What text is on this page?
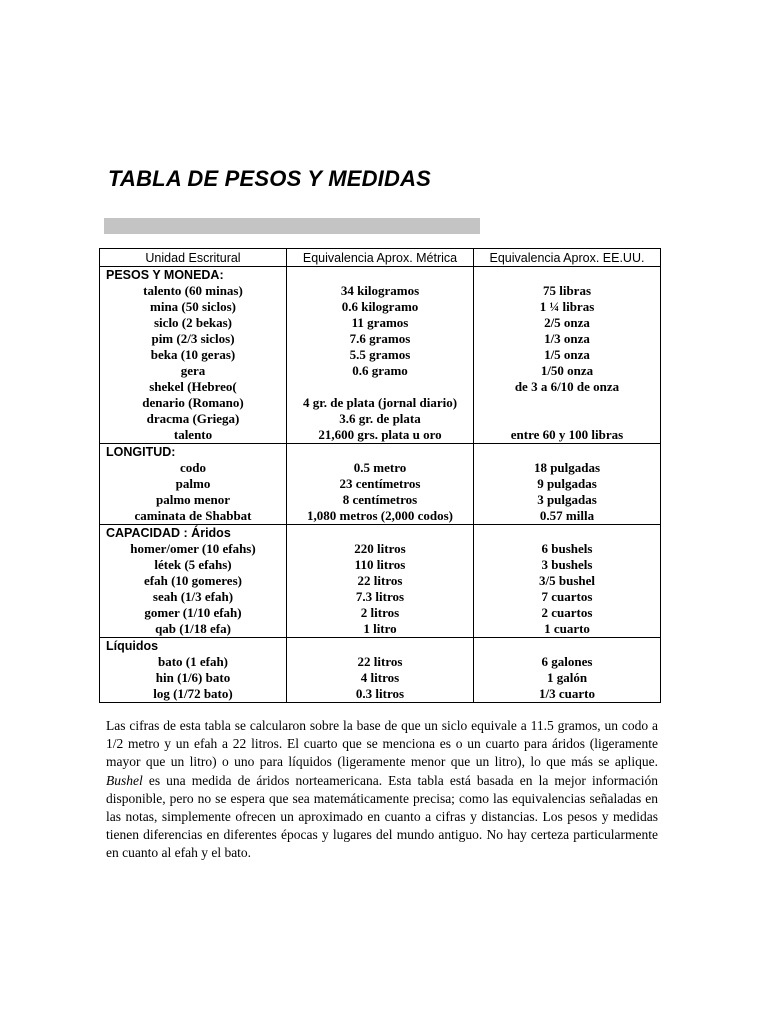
TABLA DE PESOS Y MEDIDAS
Unidad Escritural	Equivalencia Aprox. Métrica	Equivalencia Aprox. EE.UU.
PESOS Y MONEDA:		
talento (60 minas)	34 kilogramos	75 libras
mina (50 siclos)	0.6 kilogramo	1 ¼ libras
siclo (2 bekas)	11 gramos	2/5 onza
pim (2/3 siclos)	7.6 gramos	1/3 onza
beka (10 geras)	5.5 gramos	1/5 onza
gera	0.6 gramo	1/50 onza
shekel (Hebreo(		de 3 a 6/10 de onza
denario (Romano)	4 gr. de plata (jornal diario)	
dracma (Griega)	3.6 gr. de plata	
talento	21,600 grs. plata u oro	entre 60 y 100 libras
LONGITUD:		
codo	0.5 metro	18 pulgadas
palmo	23 centímetros	9 pulgadas
palmo menor	8 centímetros	3 pulgadas
caminata de Shabbat	1,080 metros (2,000 codos)	0.57 milla
CAPACIDAD : Áridos		
homer/omer (10 efahs)	220 litros	6 bushels
létek (5 efahs)	110 litros	3 bushels
efah (10 gomeres)	22 litros	3/5 bushel
seah (1/3 efah)	7.3 litros	7 cuartos
gomer (1/10 efah)	2 litros	2 cuartos
qab (1/18 efa)	1 litro	1 cuarto
Líquidos		
bato (1 efah)	22 litros	6 galones
hin (1/6) bato	4 litros	1 galón
log (1/72 bato)	0.3 litros	1/3 cuarto

Las cifras de esta tabla se calcularon sobre la base de que un siclo equivale a 11.5 gramos, un codo a 1/2 metro y un efah a 22 litros. El cuarto que se menciona es o un cuarto para áridos (ligeramente mayor que un litro) o uno para líquidos (ligeramente menor que un litro), lo que más se aplique. Bushel es una medida de áridos norteamericana. Esta tabla está basada en la mejor información disponible, pero no se espera que sea matemáticamente precisa; como las equivalencias señaladas en las notas, simplemente ofrecen un aproximado en cuanto a cifras y distancias. Los pesos y medidas tienen diferencias en diferentes épocas y lugares del mundo antiguo. No hay certeza particularmente en cuanto al efah y el bato.
